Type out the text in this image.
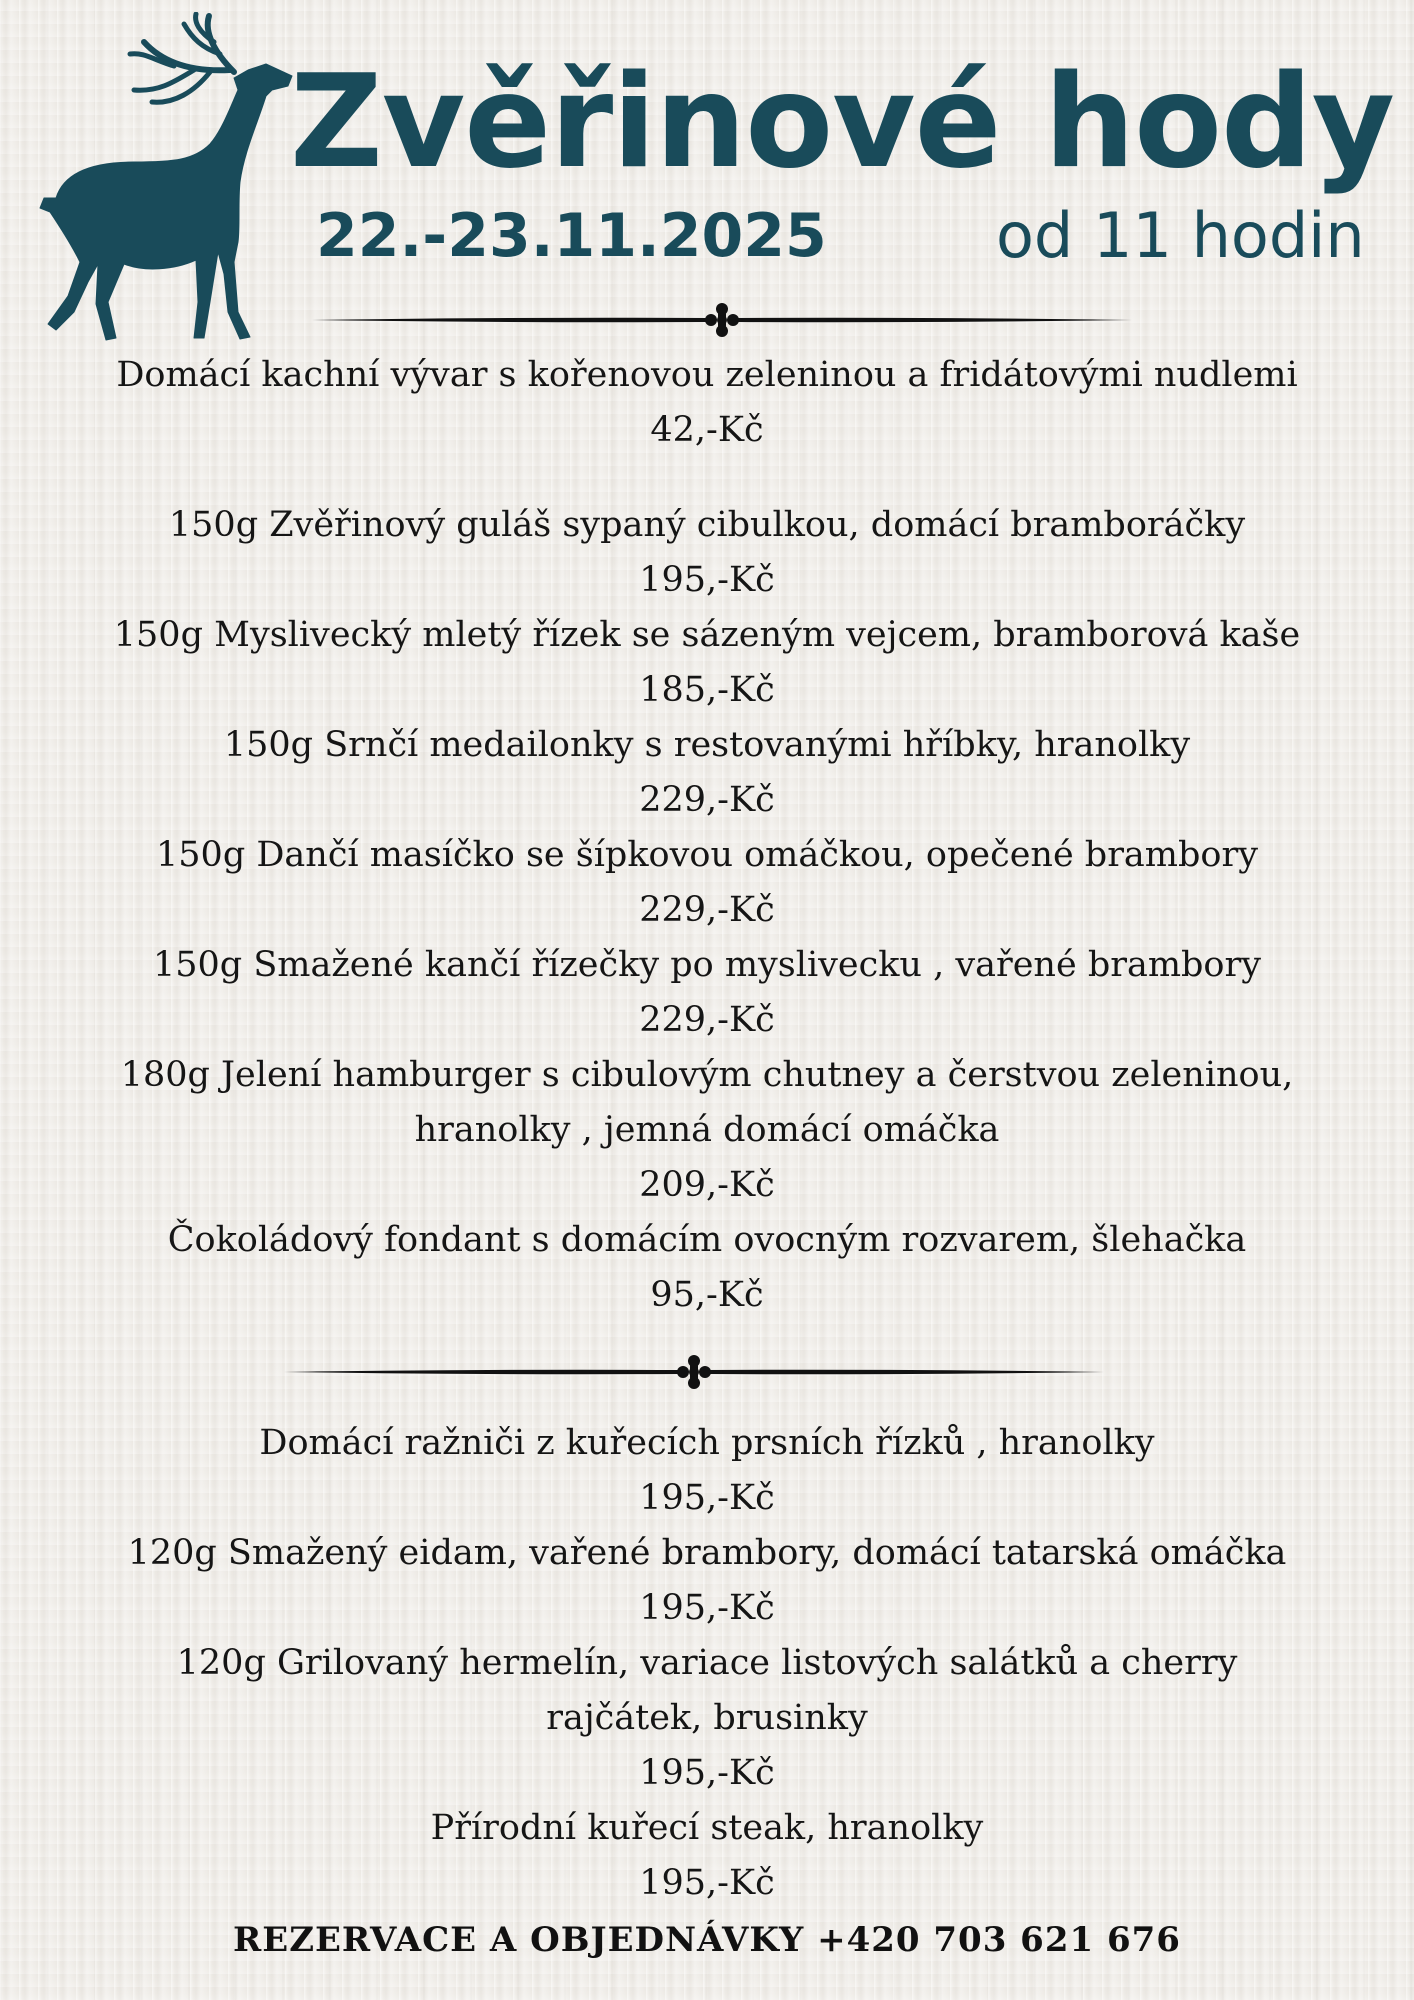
Zvěřinové hody
22.-23.11.2025	od 11 hodin
Domácí kachní vývar s kořenovou zeleninou a fridátovými nudlemi
42,-Kč
150g Zvěřinový guláš sypaný cibulkou, domácí bramboráčky
195,-Kč
150g Myslivecký mletý řízek se sázeným vejcem, bramborová kaše
185,-Kč
150g Srnčí medailonky s restovanými hříbky, hranolky
229,-Kč
150g Dančí masíčko se šípkovou omáčkou, opečené brambory
229,-Kč
150g Smažené kančí řízečky po myslivecku , vařené brambory
229,-Kč
180g Jelení hamburger s cibulovým chutney a čerstvou zeleninou,
hranolky , jemná domácí omáčka
209,-Kč
Čokoládový fondant s domácím ovocným rozvarem, šlehačka
95,-Kč
Domácí ražniči z kuřecích prsních řízků , hranolky
195,-Kč
120g Smažený eidam, vařené brambory, domácí tatarská omáčka
195,-Kč
120g Grilovaný hermelín, variace listových salátků a cherry
rajčátek, brusinky
195,-Kč
Přírodní kuřecí steak, hranolky
195,-Kč
REZERVACE A OBJEDNÁVKY +420 703 621 676
